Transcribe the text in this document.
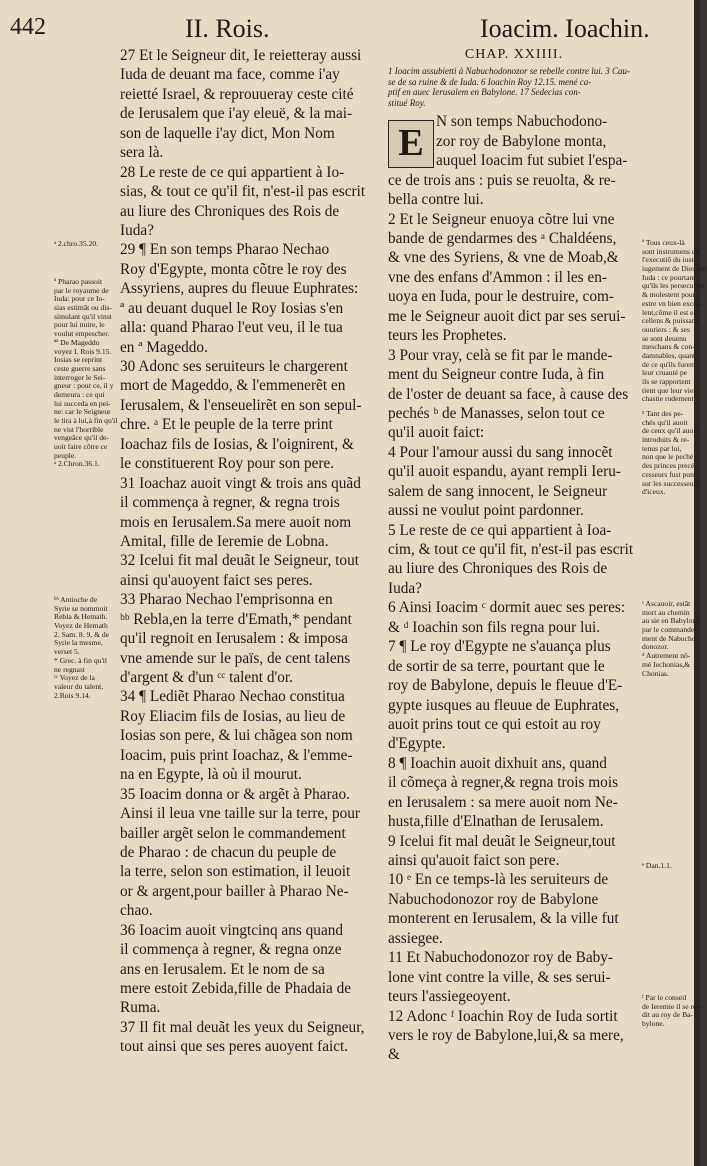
442	II. Rois.	Ioacim. Ioachin.
27 Et le Seigneur dit, Ie reietteray aussi
Iuda de deuant ma face, comme i'ay
reietté Israel, & reprouueray ceste cité
de Ierusalem que i'ay eleuë, & la mai-
son de laquelle i'ay dict, Mon Nom
sera là.
28 Le reste de ce qui appartient à Io-
sias, & tout ce qu'il fit, n'est-il pas escrit
au liure des Chroniques des Rois de
Iuda?
29 ¶ En son temps Pharao Nechao
Roy d'Egypte, monta cõtre le roy des
Assyriens, aupres du fleuue Euphrates:
ª au deuant duquel le Roy Iosias s'en
alla: quand Pharao l'eut veu, il le tua
en ª Mageddo.
30 Adonc ses seruiteurs le chargerent
mort de Mageddo, & l'emmenerẽt en
Ierusalem, & l'enseuelirẽt en son sepul-
chre. ᵃ Et le peuple de la terre print
Ioachaz fils de Iosias, & l'oignirent, &
le constituerent Roy pour son pere.
31 Ioachaz auoit vingt & trois ans quãd
il commença à regner, & regna trois
mois en Ierusalem.Sa mere auoit nom
Amital, fille de Ieremie de Lobna.
32 Icelui fit mal deuãt le Seigneur, tout
ainsi qu'auoyent faict ses peres.
33 Pharao Nechao l'emprisonna en
ᵇᵇ Rebla,en la terre d'Emath,* pendant
qu'il regnoit en Ierusalem : & imposa
vne amende sur le païs, de cent talens
d'argent & d'un ᶜᶜ talent d'or.
34 ¶ Lediẽt Pharao Nechao constitua
Roy Eliacim fils de Iosias, au lieu de
Iosias son pere, & lui chãgea son nom
Ioacim, puis print Ioachaz, & l'emme-
na en Egypte, là où il mourut.
35 Ioacim donna or & argẽt à Pharao.
Ainsi il leua vne taille sur la terre, pour
bailler argẽt selon le commandement
de Pharao : de chacun du peuple de
la terre, selon son estimation, il leuoit
or & argent,pour bailler à Pharao Ne-
chao.
36 Ioacim auoit vingtcinq ans quand
il commença à regner, & regna onze
ans en Ierusalem. Et le nom de sa
mere estoit Zebida,fille de Phadaia de
Ruma.
37 Il fit mal deuãt les yeux du Seigneur,
tout ainsi que ses peres auoyent faict.
CHAP. XXIIII.
1 Ioacim assubietti à Nabuchodonozor se rebelle contre lui. 3 Cau-
se de sa ruine & de Iuda. 6 Ioachin Roy 12.15. mené ca-
ptif en auec Ierusalem en Babylone. 17 Sedecias con-
stitué Roy.
N son temps Nabuchodono-
zor roy de Babylone monta,
auquel Ioacim fut subiet l'espa-
ce de trois ans : puis se reuolta, & re-
bella contre lui.
2 Et le Seigneur enuoya cõtre lui vne
bande de gendarmes des ᵃ Chaldéens,
& vne des Syriens, & vne de Moab,&
vne des enfans d'Ammon : il les en-
uoya en Iuda, pour le destruire, com-
me le Seigneur auoit dict par ses serui-
teurs les Prophetes.
3 Pour vray, celà se fit par le mande-
ment du Seigneur contre Iuda, à fin
de l'oster de deuant sa face, à cause des
pechés ᵇ de Manasses, selon tout ce
qu'il auoit faict:
4 Pour l'amour aussi du sang innocẽt
qu'il auoit espandu, ayant rempli Ieru-
salem de sang innocent, le Seigneur
aussi ne voulut point pardonner.
5 Le reste de ce qui appartient à Ioa-
cim, & tout ce qu'il fit, n'est-il pas escrit
au liure des Chroniques des Rois de
Iuda?
6 Ainsi Ioacim ᶜ dormit auec ses peres:
& ᵈ Ioachin son fils regna pour lui.
7 ¶ Le roy d'Egypte ne s'auança plus
de sortir de sa terre, pourtant que le
roy de Babylone, depuis le fleuue d'E-
gypte iusques au fleuue de Euphrates,
auoit prins tout ce qui estoit au roy
d'Egypte.
8 ¶ Ioachin auoit dixhuit ans, quand
il cõmeça à regner,& regna trois mois
en Ierusalem : sa mere auoit nom Ne-
husta,fille d'Elnathan de Ierusalem.
9 Icelui fit mal deuãt le Seigneur,tout
ainsi qu'auoit faict son pere.
10 ᵉ En ce temps-là les seruiteurs de
Nabuchodonozor roy de Babylone
monterent en Ierusalem, & la ville fut
assiegee.
11 Et Nabuchodonozor roy de Baby-
lone vint contre la ville, & ses serui-
teurs l'assiegeoyent.
12 Adonc ᶠ Ioachin Roy de Iuda sortit
vers le roy de Babylone,lui,& sa mere,
&
E
ᵃ 2.chro.35.20.
ª Pharao passoit
par le royaume de
Iuda: pour ce Io-
sias estimãt ou dis-
simulant qu'il vinst
pour lui nuire, le
voulut empescher.
ªª De Mageddo
voyez I. Rois 9.15.
Iosias se reprint
ceste guerre sans
interroger le Sei-
gneur : pour ce, il y
demeura : ce qui
lui succeda en pei-
ne: car le Seigneur
le tira à lui,à fin qu'il
ne vist l'horrible
vengeãce qu'il de-
uoit faire cõtre ce
peuple.
ᵃ 2.Chron.36.1.
ᵇᵇ Antioche de
Syrie se nommoit
Rebla & Hemath.
Voyez de Hemath
2. Sam. 8. 9, & de
Syrie la mesme,
verset 5.
* Grec. à fin qu'il
ne regnast
ᶜᶜ Voyez de la
valeur du talent,
2.Rois 9.14.
ª Tous ceux-là
sont instrumens de
l'executiõ du iuste
iugement de Dieu sur
Iuda : ce pourtant
qu'ils les persecutent
& molestent pour
estre vn bien excel-
lent,cõme il est ex-
cellens & puissans
ouuriers : & ses
se sont deuenu
meschans & con-
damnables, quant
de ce qu'ils furent
leur cruauté pe
ils se rapportent
tient que leur vien
chastie rudement.
ᵇ Tant des pe-
chés qu'il auoit
de ceux qu'il auoit
introduits & re-
tenus par lui,
non que le peché
des princes precé-
cesseurs fust puni
sur les successeurs
d'iceux.
ᶜ Ascauoir, estãt
mort au chemin
au sie en Babylone
par le commande-
ment de Nabucho-
donozor.
ᵈ Autrement nõ-
mé Iechonias,&
Chonias.
ᵉ Dan.1.1.
ᶠ Par le conseil
de Ieremie il se ren-
dit au roy de Ba-
bylone.
